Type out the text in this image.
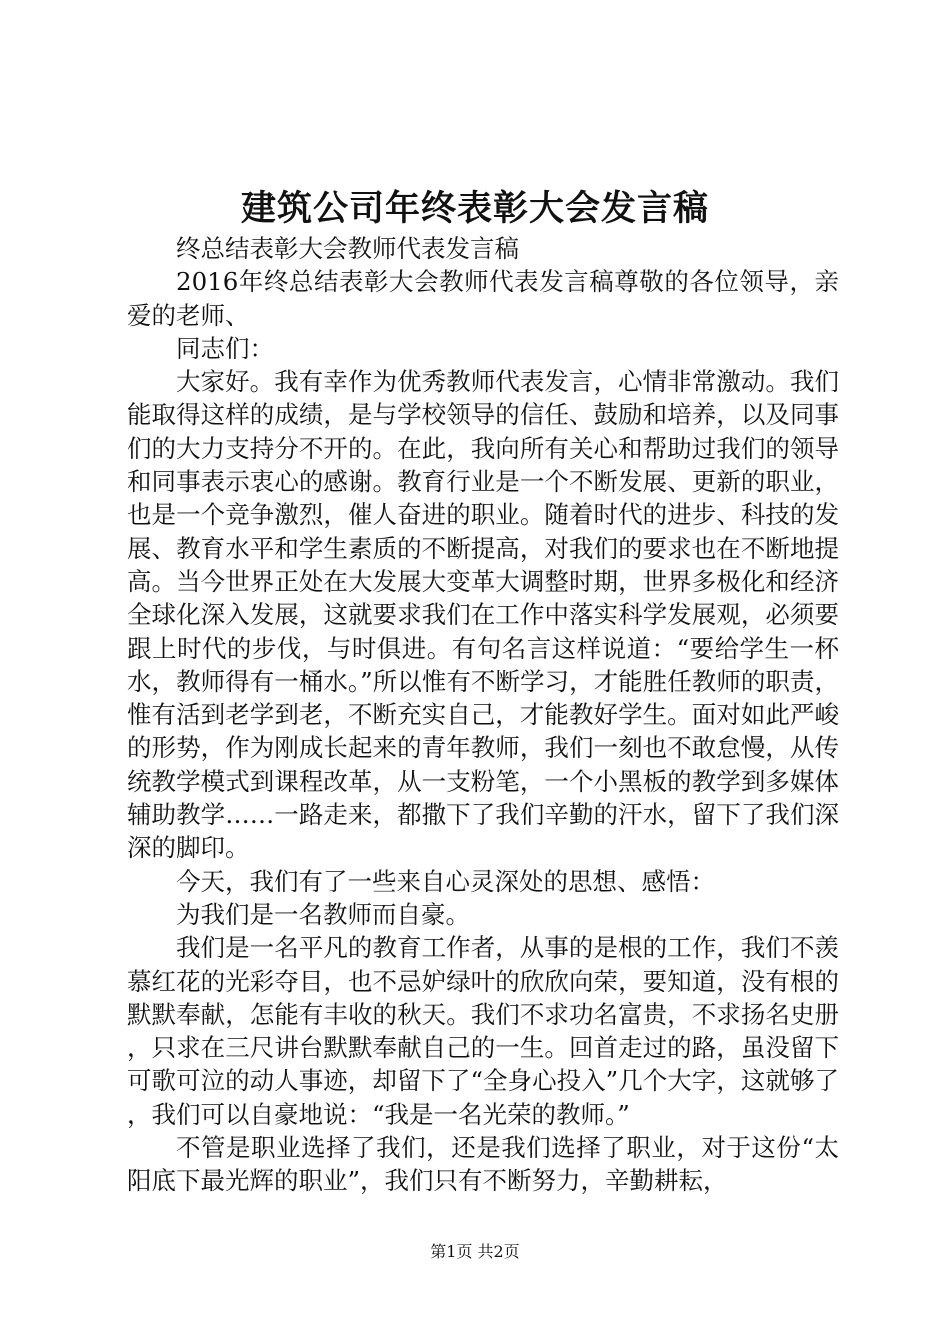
建筑公司年终表彰大会发言稿

终总结表彰大会教师代表发言稿

2016年终总结表彰大会教师代表发言稿尊敬的各位领导，亲爱的老师、

同志们：

大家好。我有幸作为优秀教师代表发言，心情非常激动。我们能取得这样的成绩，是与学校领导的信任、鼓励和培养，以及同事们的大力支持分不开的。在此，我向所有关心和帮助过我们的领导和同事表示衷心的感谢。教育行业是一个不断发展、更新的职业，也是一个竞争激烈，催人奋进的职业。随着时代的进步、科技的发展、教育水平和学生素质的不断提高，对我们的要求也在不断地提高。当今世界正处在大发展大变革大调整时期，世界多极化和经济全球化深入发展，这就要求我们在工作中落实科学发展观，必须要跟上时代的步伐，与时俱进。有句名言这样说道：“要给学生一杯水，教师得有一桶水。”所以惟有不断学习，才能胜任教师的职责，惟有活到老学到老，不断充实自己，才能教好学生。面对如此严峻的形势，作为刚成长起来的青年教师，我们一刻也不敢怠慢，从传统教学模式到课程改革，从一支粉笔，一个小黑板的教学到多媒体辅助教学……一路走来，都撒下了我们辛勤的汗水，留下了我们深深的脚印。

今天，我们有了一些来自心灵深处的思想、感悟：

为我们是一名教师而自豪。

我们是一名平凡的教育工作者，从事的是根的工作，我们不羡慕红花的光彩夺目，也不忌妒绿叶的欣欣向荣，要知道，没有根的默默奉献，怎能有丰收的秋天。我们不求功名富贵，不求扬名史册，只求在三尺讲台默默奉献自己的一生。回首走过的路，虽没留下可歌可泣的动人事迹，却留下了“全身心投入”几个大字，这就够了，我们可以自豪地说：“我是一名光荣的教师。”

不管是职业选择了我们，还是我们选择了职业，对于这份“太阳底下最光辉的职业”，我们只有不断努力，辛勤耕耘，

第1页 共2页
